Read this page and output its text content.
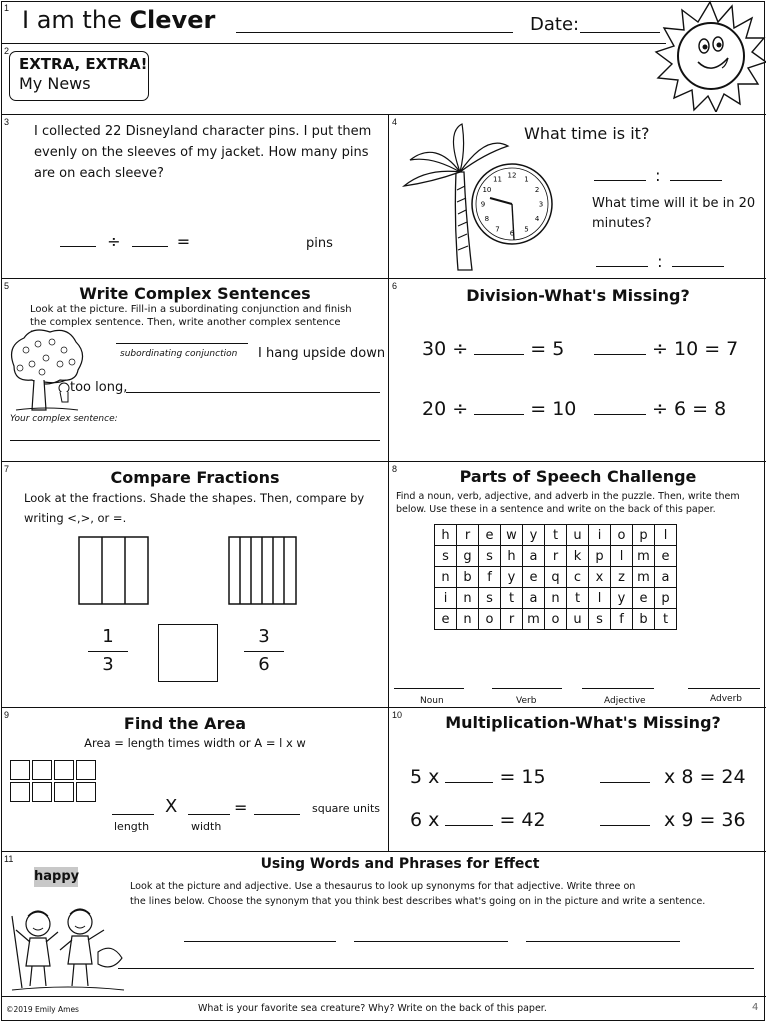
1
2
3	4
5	6
7	8
9	10
11
I am the Clever	Date:
EXTRA, EXTRA!
My News
I collected 22 Disneyland character pins. I put them evenly on the sleeves of my jacket. How many pins are on each sleeve?
÷	=	pins
What time is it?
12 1
2
3
4
5
6
7
8
9
10
11	:
What time will it be in 20 minutes?
:
Write Complex Sentences
Look at the picture. Fill-in a subordinating conjunction and finish the complex sentence. Then, write another complex sentence
subordinating conjunction I hang upside down
too long,
Your complex sentence:
Division-What's Missing?
30 ÷	= 5	÷ 10 = 7
20 ÷	= 10	÷ 6 = 8
Compare Fractions
Look at the fractions. Shade the shapes. Then, compare by writing <,>, or =.
1
3
3
6
Parts of Speech Challenge
Find a noun, verb, adjective, and adverb in the puzzle. Then, write them below. Use these in a sentence and write on the back of this paper.
h	r	e	w	y	t	u	i	o	p	l
s	g	s	h	a	r	k	p	l	m	e
n	b	f	y	e	q	c	x	z	m	a
i	n	s	t	a	n	t	l	y	e	p
e	n	o	r	m	o	u	s	f	b	t
Noun	Verb	Adjective	Adverb
Find the Area
Area = length times width or A = l x w

X	=	square units
length	width
Multiplication-What's Missing?
5 x	= 15	x 8 = 24
6 x	= 42	x 9 = 36
Using Words and Phrases for Effect
happy
Look at the picture and adjective. Use a thesaurus to look up synonyms for that adjective. Write three on
the lines below. Choose the synonym that you think best describes what's going on in the picture and write a sentence.
©2019 Emily Ames	What is your favorite sea creature? Why? Write on the back of this paper.	4
